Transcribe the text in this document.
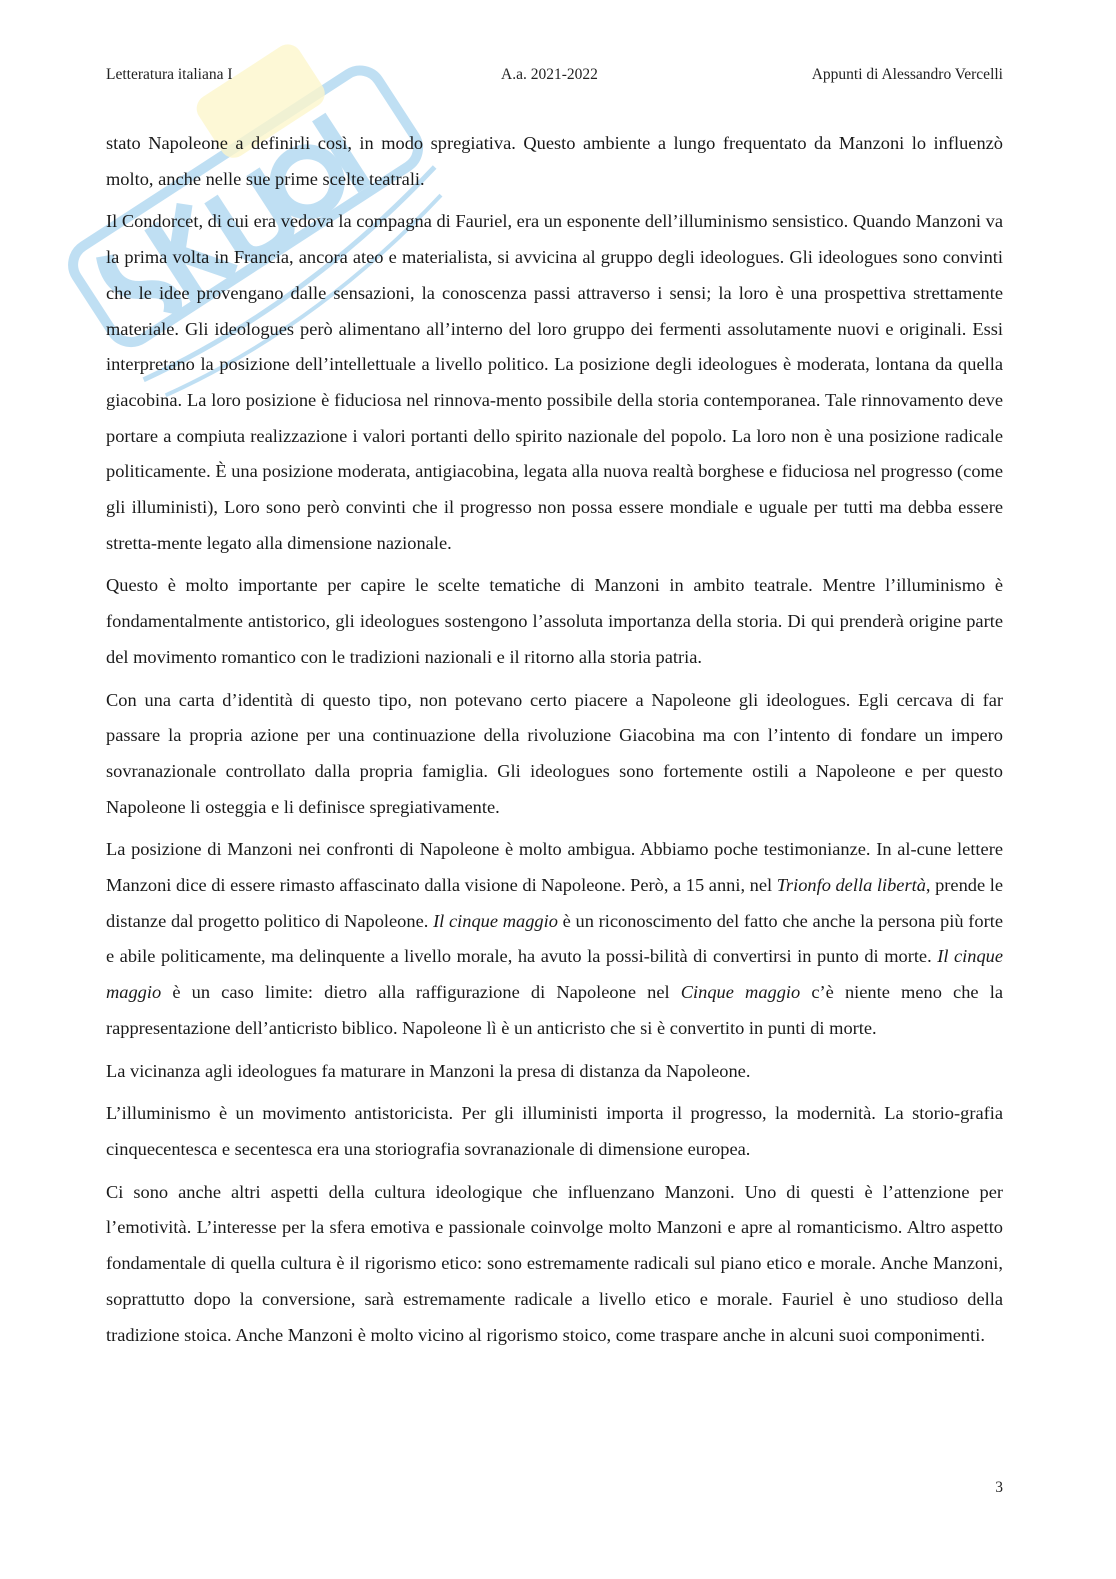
Letteratura italiana I	A.a. 2021-2022	Appunti di Alessandro Vercelli

stato Napoleone a definirli così, in modo spregiativa. Questo ambiente a lungo frequentato da Manzoni lo influenzò molto, anche nelle sue prime scelte teatrali.

Il Condorcet, di cui era vedova la compagna di Fauriel, era un esponente dell’illuminismo sensistico. Quando Manzoni va la prima volta in Francia, ancora ateo e materialista, si avvicina al gruppo degli ideologues. Gli ideologues sono convinti che le idee provengano dalle sensazioni, la conoscenza passi attraverso i sensi; la loro è una prospettiva strettamente materiale. Gli ideologues però alimentano all’interno del loro gruppo dei fermenti assolutamente nuovi e originali. Essi interpretano la posizione dell’intellettuale a livello politico. La posizione degli ideologues è moderata, lontana da quella giacobina. La loro posizione è fiduciosa nel rinnova-mento possibile della storia contemporanea. Tale rinnovamento deve portare a compiuta realizzazione i valori portanti dello spirito nazionale del popolo. La loro non è una posizione radicale politicamente. È una posizione moderata, antigiacobina, legata alla nuova realtà borghese e fiduciosa nel progresso (come gli illuministi), Loro sono però convinti che il progresso non possa essere mondiale e uguale per tutti ma debba essere stretta-mente legato alla dimensione nazionale.

Questo è molto importante per capire le scelte tematiche di Manzoni in ambito teatrale. Mentre l’illuminismo è fondamentalmente antistorico, gli ideologues sostengono l’assoluta importanza della storia. Di qui prenderà origine parte del movimento romantico con le tradizioni nazionali e il ritorno alla storia patria.

Con una carta d’identità di questo tipo, non potevano certo piacere a Napoleone gli ideologues. Egli cercava di far passare la propria azione per una continuazione della rivoluzione Giacobina ma con l’intento di fondare un impero sovranazionale controllato dalla propria famiglia. Gli ideologues sono fortemente ostili a Napoleone e per questo Napoleone li osteggia e li definisce spregiativamente.

La posizione di Manzoni nei confronti di Napoleone è molto ambigua. Abbiamo poche testimonianze. In al-cune lettere Manzoni dice di essere rimasto affascinato dalla visione di Napoleone. Però, a 15 anni, nel Trionfo della libertà, prende le distanze dal progetto politico di Napoleone. Il cinque maggio è un riconoscimento del fatto che anche la persona più forte e abile politicamente, ma delinquente a livello morale, ha avuto la possi-bilità di convertirsi in punto di morte. Il cinque maggio è un caso limite: dietro alla raffigurazione di Napoleone nel Cinque maggio c’è niente meno che la rappresentazione dell’anticristo biblico. Napoleone lì è un anticristo che si è convertito in punti di morte.

La vicinanza agli ideologues fa maturare in Manzoni la presa di distanza da Napoleone.

L’illuminismo è un movimento antistoricista. Per gli illuministi importa il progresso, la modernità. La storio-grafia cinquecentesca e secentesca era una storiografia sovranazionale di dimensione europea.

Ci sono anche altri aspetti della cultura ideologique che influenzano Manzoni. Uno di questi è l’attenzione per l’emotività. L’interesse per la sfera emotiva e passionale coinvolge molto Manzoni e apre al romanticismo. Altro aspetto fondamentale di quella cultura è il rigorismo etico: sono estremamente radicali sul piano etico e morale. Anche Manzoni, soprattutto dopo la conversione, sarà estremamente radicale a livello etico e morale. Fauriel è uno studioso della tradizione stoica. Anche Manzoni è molto vicino al rigorismo stoico, come traspare anche in alcuni suoi componimenti.

3
